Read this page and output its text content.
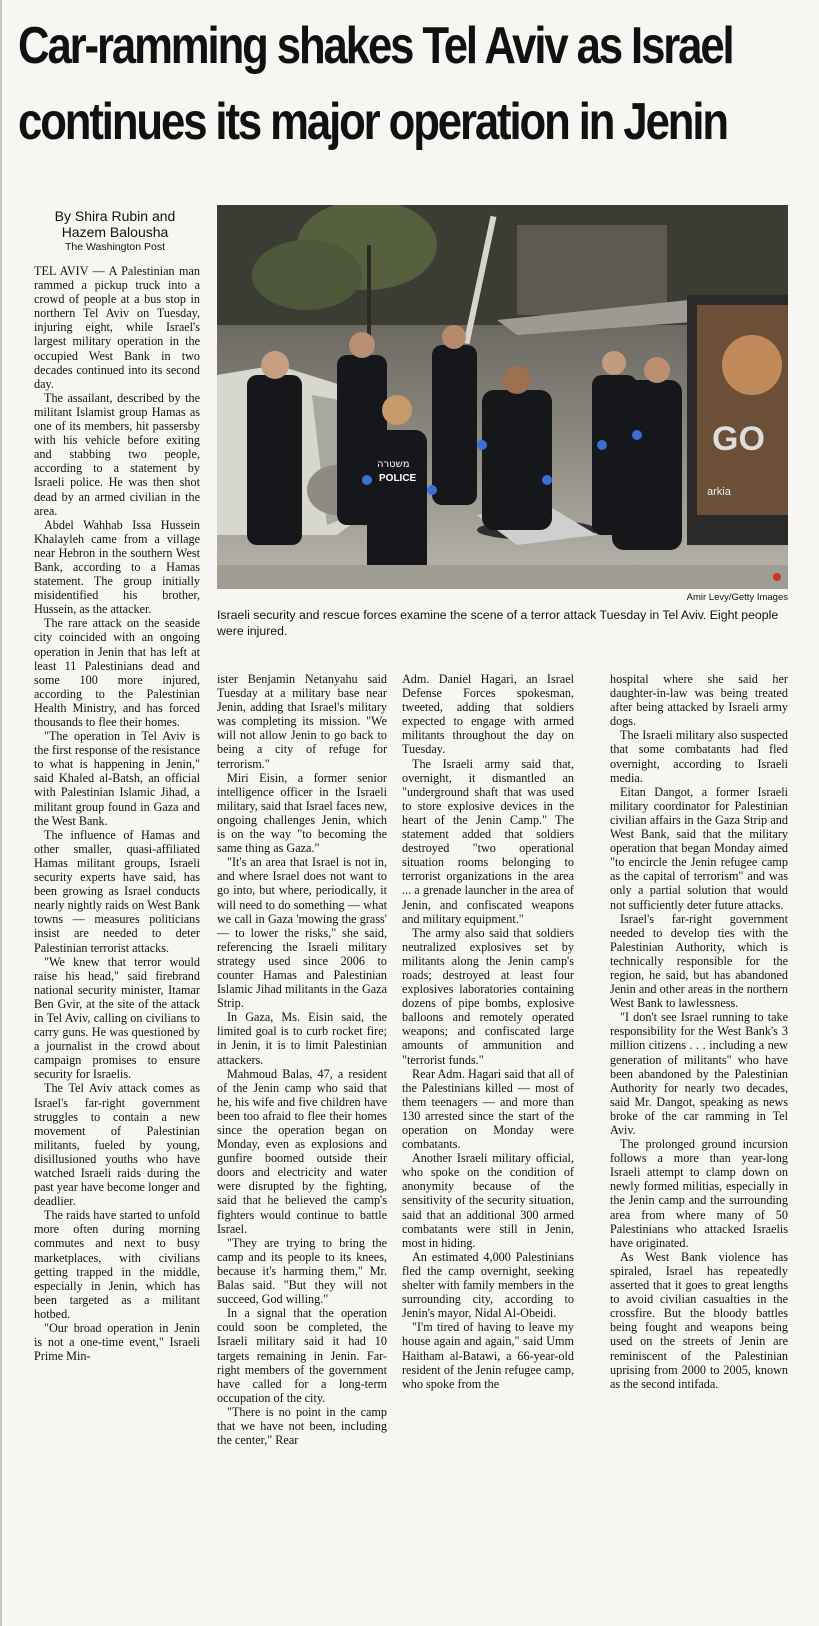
Car-ramming shakes Tel Aviv as Israel
continues its major operation in Jenin
By Shira Rubin and
Hazem Balousha
The Washington Post
GO
arkia
משטרה
POLICE
Amir Levy/Getty Images
Israeli security and rescue forces examine the scene of a terror attack Tuesday in Tel Aviv. Eight people were injured.

TEL AVIV — A Palestinian man rammed a pickup truck into a crowd of people at a bus stop in northern Tel Aviv on Tuesday, injuring eight, while Israel's largest military operation in the occupied West Bank in two decades continued into its second day.

The assailant, described by the militant Islamist group Hamas as one of its members, hit passersby with his vehicle before exiting and stabbing two people, according to a statement by Israeli police. He was then shot dead by an armed civilian in the area.

Abdel Wahhab Issa Hussein Khalayleh came from a village near Hebron in the southern West Bank, according to a Hamas statement. The group initially misidentified his brother, Hussein, as the attacker.

The rare attack on the seaside city coincided with an ongoing operation in Jenin that has left at least 11 Palestinians dead and some 100 more injured, according to the Palestinian Health Ministry, and has forced thousands to flee their homes.

"The operation in Tel Aviv is the first response of the resistance to what is happening in Jenin," said Khaled al-Batsh, an official with Palestinian Islamic Jihad, a militant group found in Gaza and the West Bank.

The influence of Hamas and other smaller, quasi-affiliated Hamas militant groups, Israeli security experts have said, has been growing as Israel conducts nearly nightly raids on West Bank towns — measures politicians insist are needed to deter Palestinian terrorist attacks.

"We knew that terror would raise his head," said firebrand national security minister, Itamar Ben Gvir, at the site of the attack in Tel Aviv, calling on civilians to carry guns. He was questioned by a journalist in the crowd about campaign promises to ensure security for Israelis.

The Tel Aviv attack comes as Israel's far-right government struggles to contain a new movement of Palestinian militants, fueled by young, disillusioned youths who have watched Israeli raids during the past year have become longer and deadlier.

The raids have started to unfold more often during morning commutes and next to busy marketplaces, with civilians getting trapped in the middle, especially in Jenin, which has been targeted as a militant hotbed.

"Our broad operation in Jenin is not a one-time event," Israeli Prime Min-

ister Benjamin Netanyahu said Tuesday at a military base near Jenin, adding that Israel's military was completing its mission. "We will not allow Jenin to go back to being a city of refuge for terrorism."

Miri Eisin, a former senior intelligence officer in the Israeli military, said that Israel faces new, ongoing challenges Jenin, which is on the way "to becoming the same thing as Gaza."

"It's an area that Israel is not in, and where Israel does not want to go into, but where, periodically, it will need to do something — what we call in Gaza 'mowing the grass' — to lower the risks," she said, referencing the Israeli military strategy used since 2006 to counter Hamas and Palestinian Islamic Jihad militants in the Gaza Strip.

In Gaza, Ms. Eisin said, the limited goal is to curb rocket fire; in Jenin, it is to limit Palestinian attackers.

Mahmoud Balas, 47, a resident of the Jenin camp who said that he, his wife and five children have been too afraid to flee their homes since the operation began on Monday, even as explosions and gunfire boomed outside their doors and electricity and water were disrupted by the fighting, said that he believed the camp's fighters would continue to battle Israel.

"They are trying to bring the camp and its people to its knees, because it's harming them," Mr. Balas said. "But they will not succeed, God willing."

In a signal that the operation could soon be completed, the Israeli military said it had 10 targets remaining in Jenin. Far-right members of the government have called for a long-term occupation of the city.

"There is no point in the camp that we have not been, including the center," Rear

Adm. Daniel Hagari, an Israel Defense Forces spokesman, tweeted, adding that soldiers expected to engage with armed militants throughout the day on Tuesday.

The Israeli army said that, overnight, it dismantled an "underground shaft that was used to store explosive devices in the heart of the Jenin Camp." The statement added that soldiers destroyed "two operational situation rooms belonging to terrorist organizations in the area ... a grenade launcher in the area of Jenin, and confiscated weapons and military equipment."

The army also said that soldiers neutralized explosives set by militants along the Jenin camp's roads; destroyed at least four explosives laboratories containing dozens of pipe bombs, explosive balloons and remotely operated weapons; and confiscated large amounts of ammunition and "terrorist funds."

Rear Adm. Hagari said that all of the Palestinians killed — most of them teenagers — and more than 130 arrested since the start of the operation on Monday were combatants.

Another Israeli military official, who spoke on the condition of anonymity because of the sensitivity of the security situation, said that an additional 300 armed combatants were still in Jenin, most in hiding.

An estimated 4,000 Palestinians fled the camp overnight, seeking shelter with family members in the surrounding city, according to Jenin's mayor, Nidal Al-Obeidi.

"I'm tired of having to leave my house again and again," said Umm Haitham al-Batawi, a 66-year-old resident of the Jenin refugee camp, who spoke from the

hospital where she said her daughter-in-law was being treated after being attacked by Israeli army dogs.

The Israeli military also suspected that some combatants had fled overnight, according to Israeli media.

Eitan Dangot, a former Israeli military coordinator for Palestinian civilian affairs in the Gaza Strip and West Bank, said that the military operation that began Monday aimed "to encircle the Jenin refugee camp as the capital of terrorism" and was only a partial solution that would not sufficiently deter future attacks.

Israel's far-right government needed to develop ties with the Palestinian Authority, which is technically responsible for the region, he said, but has abandoned Jenin and other areas in the northern West Bank to lawlessness.

"I don't see Israel running to take responsibility for the West Bank's 3 million citizens . . . including a new generation of militants" who have been abandoned by the Palestinian Authority for nearly two decades, said Mr. Dangot, speaking as news broke of the car ramming in Tel Aviv.

The prolonged ground incursion follows a more than year-long Israeli attempt to clamp down on newly formed militias, especially in the Jenin camp and the surrounding area from where many of 50 Palestinians who attacked Israelis have originated.

As West Bank violence has spiraled, Israel has repeatedly asserted that it goes to great lengths to avoid civilian casualties in the crossfire. But the bloody battles being fought and weapons being used on the streets of Jenin are reminiscent of the Palestinian uprising from 2000 to 2005, known as the second intifada.
